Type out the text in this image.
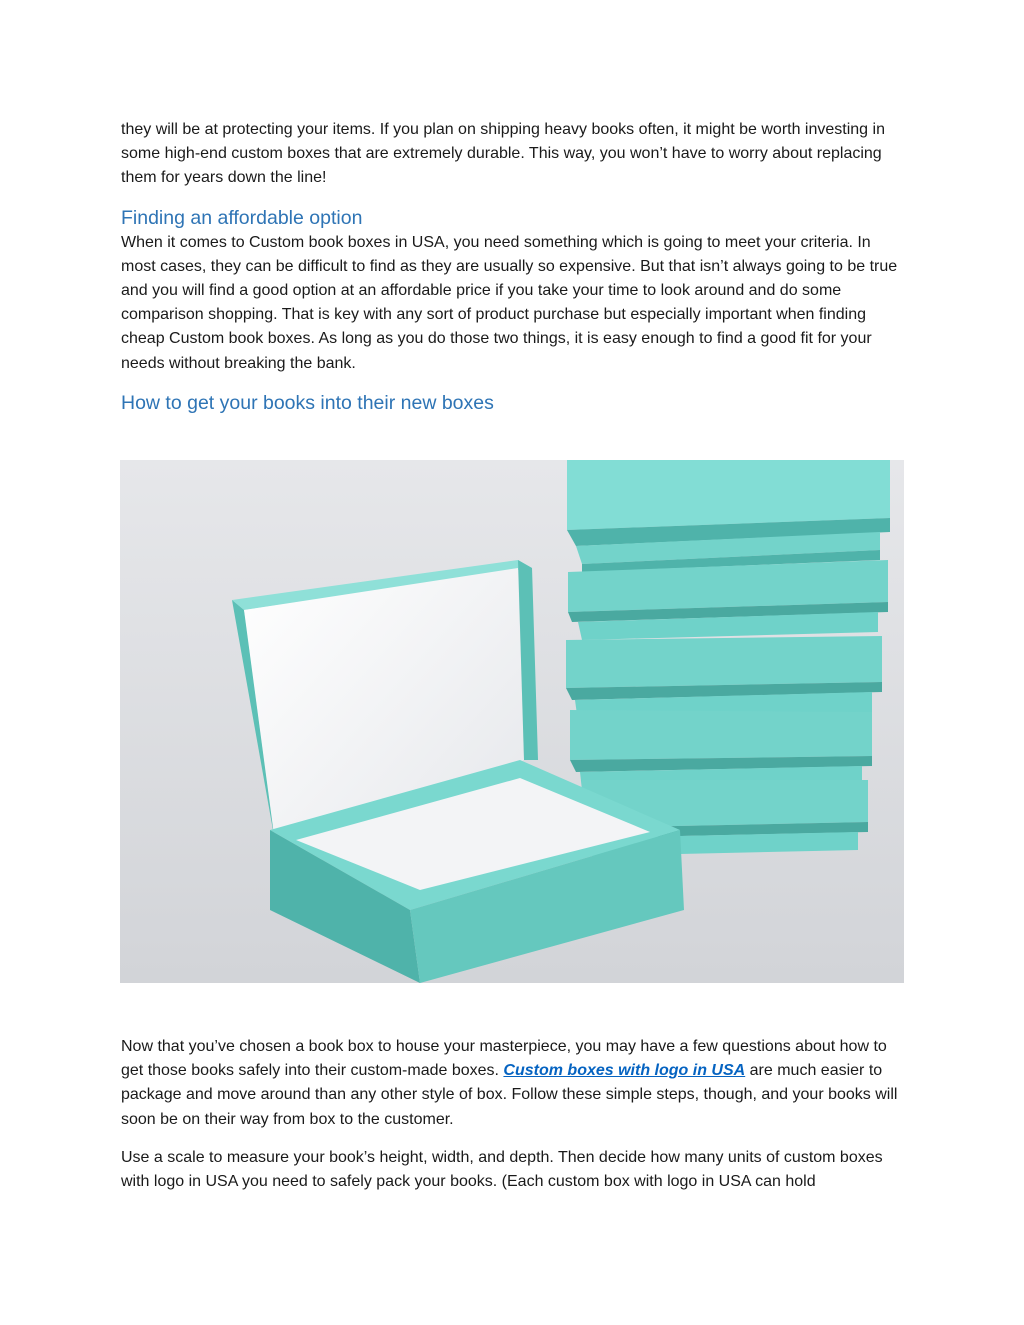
they will be at protecting your items. If you plan on shipping heavy books often, it might be worth investing in some high-end custom boxes that are extremely durable. This way, you won’t have to worry about replacing them for years down the line!

Finding an affordable option

When it comes to Custom book boxes in USA, you need something which is going to meet your criteria. In most cases, they can be difficult to find as they are usually so expensive. But that isn’t always going to be true and you will find a good option at an affordable price if you take your time to look around and do some comparison shopping. That is key with any sort of product purchase but especially important when finding cheap Custom book boxes. As long as you do those two things, it is easy enough to find a good fit for your needs without breaking the bank.

How to get your books into their new boxes

Now that you’ve chosen a book box to house your masterpiece, you may have a few questions about how to get those books safely into their custom-made boxes. Custom boxes with logo in USA are much easier to package and move around than any other style of box. Follow these simple steps, though, and your books will soon be on their way from box to the customer.

Use a scale to measure your book’s height, width, and depth. Then decide how many units of custom boxes with logo in USA you need to safely pack your books. (Each custom box with logo in USA can hold
